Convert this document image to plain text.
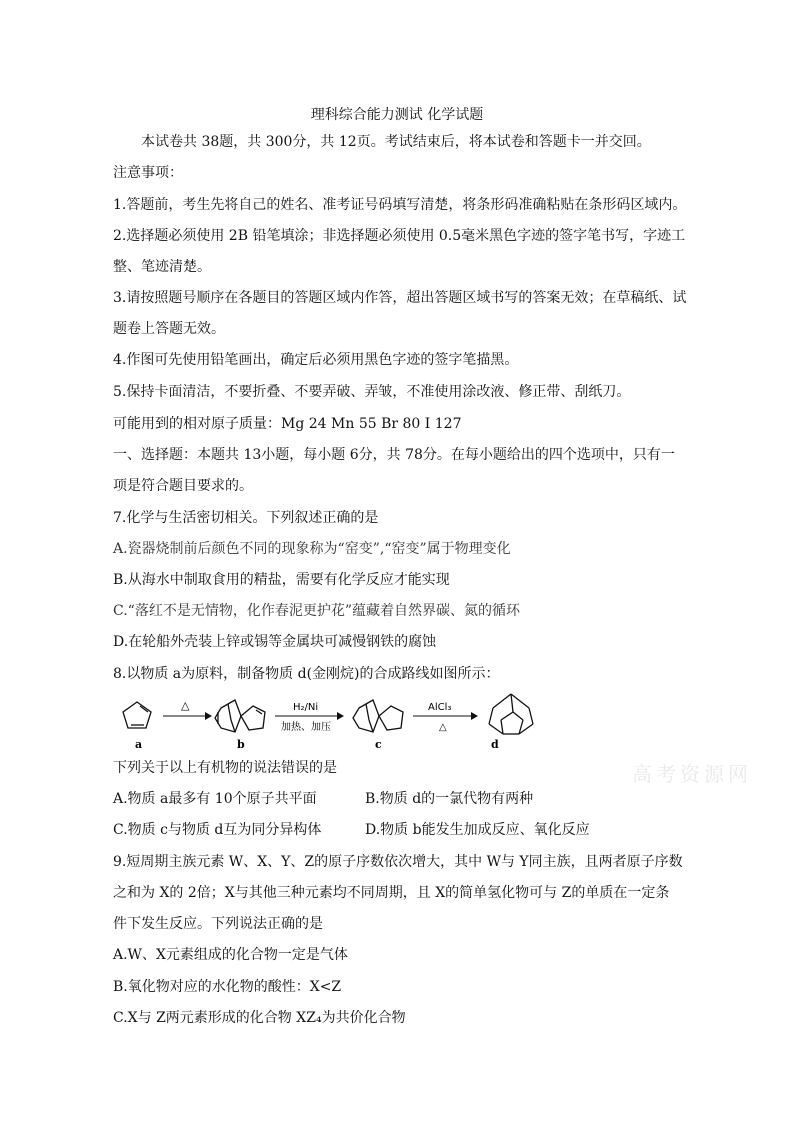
理科综合能力测试 化学试题
本试卷共 38题，共 300分，共 12页。考试结束后，将本试卷和答题卡一并交回。
注意事项：
1.答题前，考生先将自己的姓名、准考证号码填写清楚，将条形码准确粘贴在条形码区域内。
2.选择题必须使用 2B 铅笔填涂；非选择题必须使用 0.5毫米黑色字迹的签字笔书写，字迹工
整、笔迹清楚。
3.请按照题号顺序在各题目的答题区域内作答，超出答题区域书写的答案无效；在草稿纸、试
题卷上答题无效。
4.作图可先使用铅笔画出，确定后必须用黑色字迹的签字笔描黑。
5.保持卡面清洁，不要折叠、不要弄破、弄皱，不准使用涂改液、修正带、刮纸刀。
可能用到的相对原子质量：Mg 24 Mn 55 Br 80 I 127
一、选择题：本题共 13小题，每小题 6分，共 78分。在每小题给出的四个选项中，只有一
项是符合题目要求的。
7.化学与生活密切相关。下列叙述正确的是
A.瓷器烧制前后颜色不同的现象称为“窑变”,“窑变”属于物理变化
B.从海水中制取食用的精盐，需要有化学反应才能实现
C.“落红不是无情物，化作春泥更护花”蕴藏着自然界碳、氮的循环
D.在轮船外壳装上锌或锡等金属块可减慢钢铁的腐蚀
8.以物质 a为原料，制备物质 d(金刚烷)的合成路线如图所示：
a
△
b
H₂/Ni
加热、加压
c
AlCl₃
△
d
下列关于以上有机物的说法错误的是	高考资源网
A.物质 a最多有 10个原子共平面	B.物质 d的一氯代物有两种
C.物质 c与物质 d互为同分异构体	D.物质 b能发生加成反应、氧化反应
9.短周期主族元素 W、X、Y、Z的原子序数依次增大，其中 W与 Y同主族，且两者原子序数
之和为 X的 2倍；X与其他三种元素均不同周期，且 X的简单氢化物可与 Z的单质在一定条
件下发生反应。下列说法正确的是
A.W、X元素组成的化合物一定是气体
B.氧化物对应的水化物的酸性：X<Z
C.X与 Z两元素形成的化合物 XZ₄为共价化合物
